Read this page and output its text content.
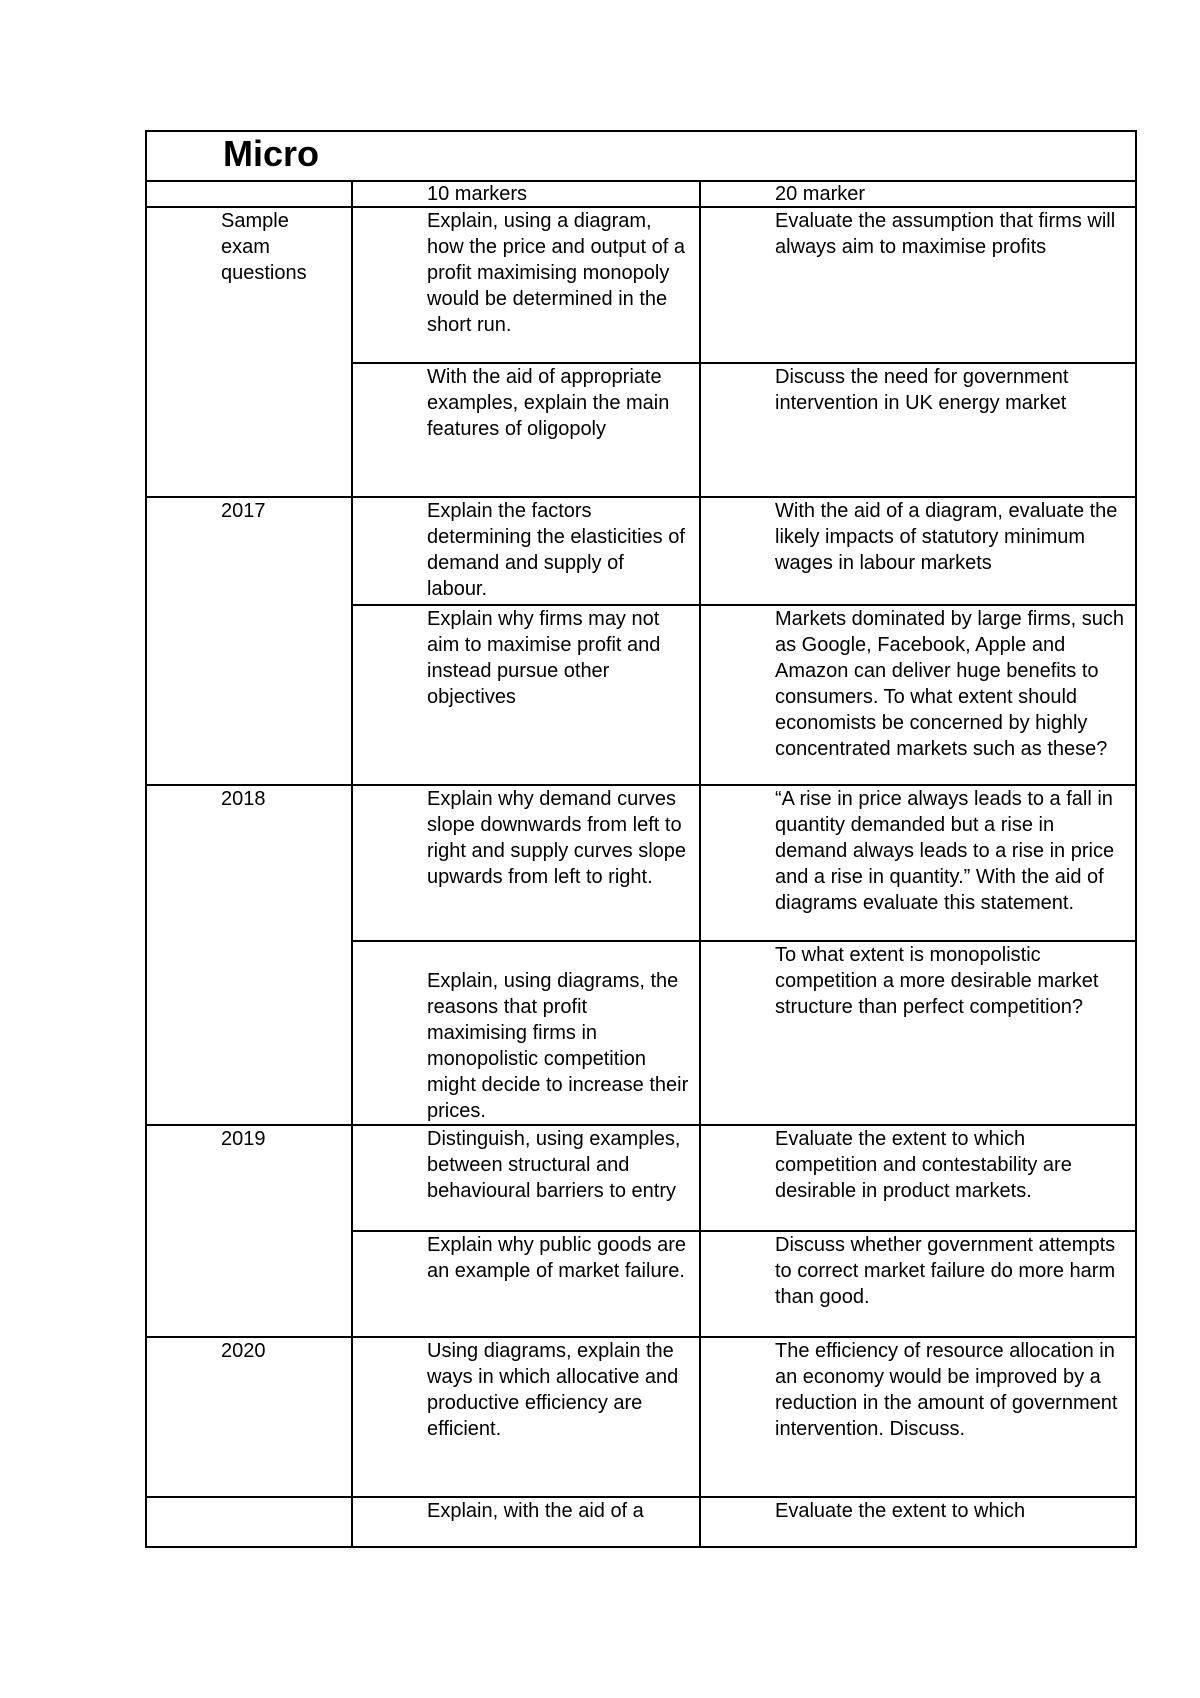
Micro		

	10 markers	20 marker

Sample exam questions	Explain, using a diagram, how the price and output of a profit maximising monopoly would be determined in the short run.	Evaluate the assumption that firms will always aim to maximise profits

	With the aid of appropriate examples, explain the main features of oligopoly	Discuss the need for government intervention in UK energy market

2017	Explain the factors determining the elasticities of demand and supply of labour.	With the aid of a diagram, evaluate the likely impacts of statutory minimum wages in labour markets

	Explain why firms may not aim to maximise profit and instead pursue other objectives	Markets dominated by large firms, such as Google, Facebook, Apple and Amazon can deliver huge benefits to consumers. To what extent should economists be concerned by highly concentrated markets such as these?

2018	Explain why demand curves slope downwards from left to right and supply curves slope upwards from left to right.	“A rise in price always leads to a fall in quantity demanded but a rise in demand always leads to a rise in price and a rise in quantity.” With the aid of diagrams evaluate this statement.

	Explain, using diagrams, the reasons that profit maximising firms in monopolistic competition might decide to increase their prices.	To what extent is monopolistic competition a more desirable market structure than perfect competition?

2019	Distinguish, using examples, between structural and behavioural barriers to entry	Evaluate the extent to which competition and contestability are desirable in product markets.

	Explain why public goods are an example of market failure.	Discuss whether government attempts to correct market failure do more harm than good.

2020	Using diagrams, explain the ways in which allocative and productive efficiency are efficient.	The efficiency of resource allocation in an economy would be improved by a reduction in the amount of government intervention. Discuss.

	Explain, with the aid of a	Evaluate the extent to which
